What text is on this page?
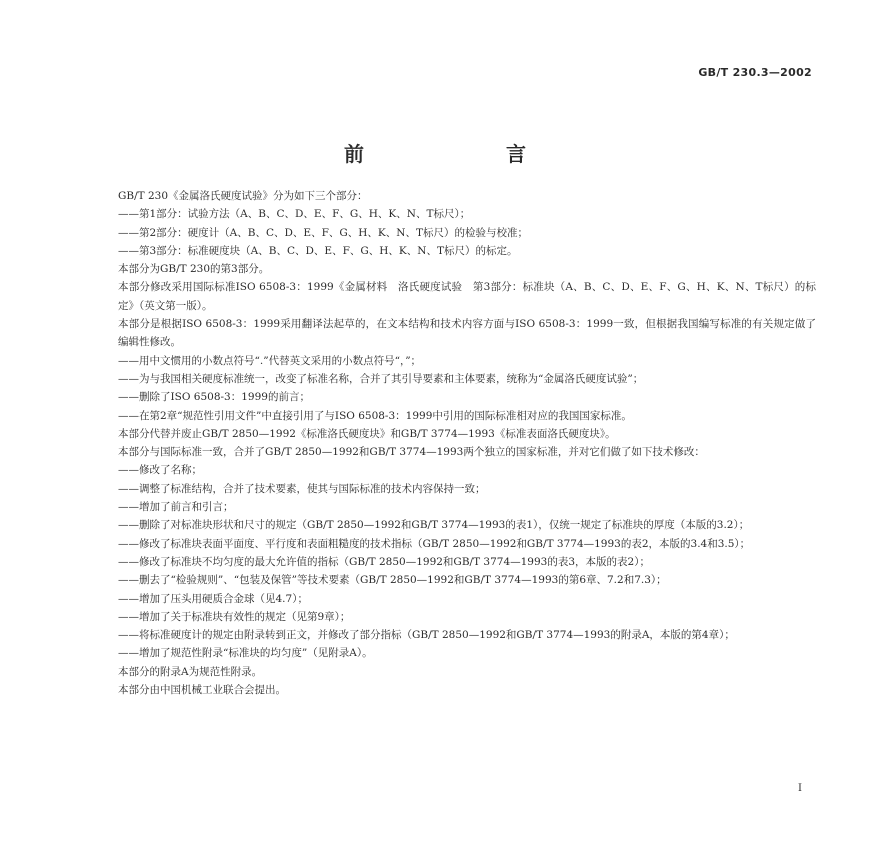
GB/T 230.3—2002
前　　言

GB/T 230《金属洛氏硬度试验》分为如下三个部分：

——第1部分：试验方法（A、B、C、D、E、F、G、H、K、N、T标尺）；

——第2部分：硬度计（A、B、C、D、E、F、G、H、K、N、T标尺）的检验与校准；

——第3部分：标准硬度块（A、B、C、D、E、F、G、H、K、N、T标尺）的标定。

本部分为GB/T 230的第3部分。

本部分修改采用国际标准ISO 6508-3：1999《金属材料　洛氏硬度试验　第3部分：标准块（A、B、C、D、E、F、G、H、K、N、T标尺）的标定》（英文第一版）。

本部分是根据ISO 6508-3：1999采用翻译法起草的，在文本结构和技术内容方面与ISO 6508-3：1999一致，但根据我国编写标准的有关规定做了编辑性修改。

——用中文惯用的小数点符号“.”代替英文采用的小数点符号“，”；

——为与我国相关硬度标准统一，改变了标准名称，合并了其引导要素和主体要素，统称为“金属洛氏硬度试验”；

——删除了ISO 6508-3：1999的前言；

——在第2章“规范性引用文件”中直接引用了与ISO 6508-3：1999中引用的国际标准相对应的我国国家标准。

本部分代替并废止GB/T 2850—1992《标准洛氏硬度块》和GB/T 3774—1993《标准表面洛氏硬度块》。

本部分与国际标准一致，合并了GB/T 2850—1992和GB/T 3774—1993两个独立的国家标准，并对它们做了如下技术修改：

——修改了名称；

——调整了标准结构，合并了技术要素，使其与国际标准的技术内容保持一致；

——增加了前言和引言；

——删除了对标准块形状和尺寸的规定（GB/T 2850—1992和GB/T 3774—1993的表1），仅统一规定了标准块的厚度（本版的3.2）；

——修改了标准块表面平面度、平行度和表面粗糙度的技术指标（GB/T 2850—1992和GB/T 3774—1993的表2，本版的3.4和3.5）；

——修改了标准块不均匀度的最大允许值的指标（GB/T 2850—1992和GB/T 3774—1993的表3，本版的表2）；

——删去了“检验规则”、“包装及保管”等技术要素（GB/T 2850—1992和GB/T 3774—1993的第6章、7.2和7.3）；

——增加了压头用硬质合金球（见4.7）；

——增加了关于标准块有效性的规定（见第9章）；

——将标准硬度计的规定由附录转到正文，并修改了部分指标（GB/T 2850—1992和GB/T 3774—1993的附录A，本版的第4章）；

——增加了规范性附录“标准块的均匀度”（见附录A）。

本部分的附录A为规范性附录。

本部分由中国机械工业联合会提出。

I
